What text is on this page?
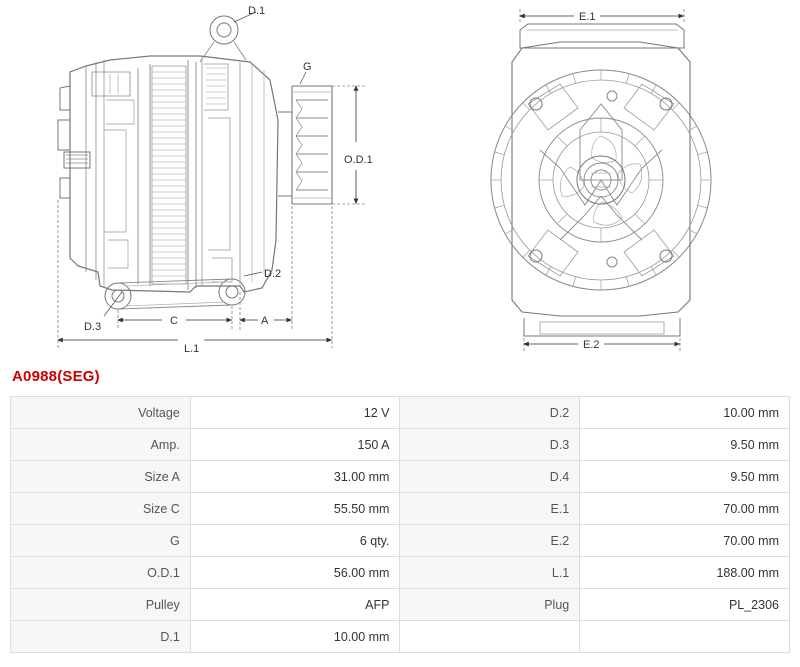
D.1
D.2
D.3
G
O.D.1
A
C
L.1
E.1
E.2
A0988(SEG)
Voltage	12 V	D.2	10.00 mm
Amp.	150 A	D.3	9.50 mm
Size A	31.00 mm	D.4	9.50 mm
Size C	55.50 mm	E.1	70.00 mm
G	6 qty.	E.2	70.00 mm
O.D.1	56.00 mm	L.1	188.00 mm
Pulley	AFP	Plug	PL_2306
D.1	10.00 mm		
